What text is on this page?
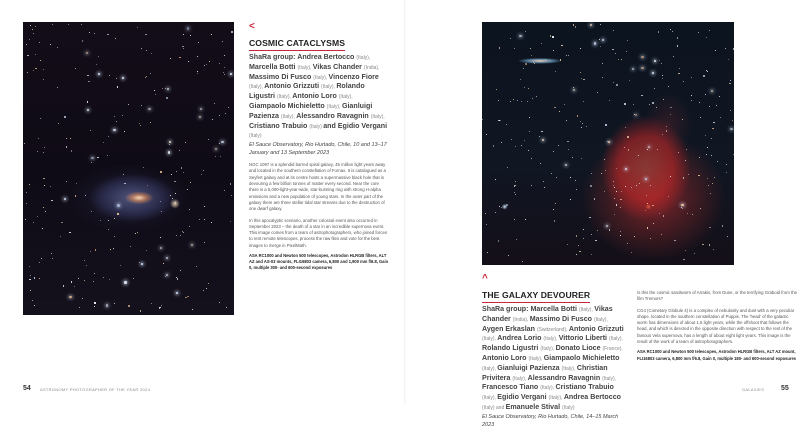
<
COSMIC CATACLYSMS
ShaRa group: Andrea Bertocco (Italy), Marcella Botti (Italy), Vikas Chander (India), Massimo Di Fusco (Italy), Vincenzo Fiore (Italy), Antonio Grizzuti (Italy), Rolando Ligustri (Italy), Antonio Loro (Italy), Giampaolo Michieletto (Italy), Gianluigi Pazienza (Italy), Alessandro Ravagnin (Italy), Cristiano Trabuio (Italy) and Egidio Vergani (Italy)
El Sauce Observatory, Rio Hurtado, Chile, 10 and 13–17 January and 13 September 2023

NGC 1097 is a splendid barred spiral galaxy, 45 million light years away and located in the southern constellation of Fornax. It is catalogued as a Seyfert galaxy and at its centre hosts a supermassive black hole that is devouring a few billion tonnes of matter every second. Near the core there is a 5,000-light-year-wide, star-bursting ring with strong H-alpha emissions and a new population of young stars. In the outer part of the galaxy there are three stellar tidal star streams due to the destruction of one dwarf galaxy.

In this apocalyptic scenario, another colossal event also occurred in September 2023 – the death of a star in an incredible supernova event. This image comes from a team of astrophotographers, who joined forces to rent remote telescopes, process the raw files and vote for the best images to merge in PixelMath.

ASA RC1000 and Newton 500 telescopes, Astrodon HLRGB filters, ALT AZ and AS-03 mounts, FLI16803 camera, 6,800 and 1,900 mm f/6.8, Gain 0, multiple 300- and 600-second exposures

54 ASTRONOMY PHOTOGRAPHER OF THE YEAR 2024
^
THE GALAXY DEVOURER
ShaRa group: Marcella Botti (Italy), Vikas Chander (India), Massimo Di Fusco (Italy), Aygen Erkaslan (Switzerland), Antonio Grizzuti (Italy), Andrea Lorio (Italy), Vittorio Liberti (Italy), Rolando Ligustri (Italy), Donato Lioce (France), Antonio Loro (Italy), Giampaolo Michieletto (Italy), Gianluigi Pazienza (Italy), Christian Privitera (Italy), Alessandro Ravagnin (Italy), Francesco Tiano (Italy), Cristiano Trabuio (Italy), Egidio Vergani (Italy), Andrea Bertocco (Italy) and Emanuele Stival (Italy)
El Sauce Observatory, Rio Hurtado, Chile, 14–15 March 2023

Is this the cosmic sandworm of Arrakis, from Dune, or the terrifying Graboid from the film Tremors?

CG4 (Cometary Globule 4) is a complex of nebulosity and dust with a very peculiar shape, located in the southern constellation of Puppis. The 'head' of the galactic worm has dimensions of about 1.5 light years, while the offshoot that follows the head, and which is directed in the opposite direction with respect to the rest of the famous Vela supernova, has a length of about eight light years. This image is the result of the work of a team of astrophotographers.

ASA RC1000 and Newton 500 telescopes, Astrodon HLRGB filters, ALT AZ mount, FLI16803 camera, 6,800 mm f/6.8, Gain 0, multiple 180- and 600-second exposures

GALAXIES 55
